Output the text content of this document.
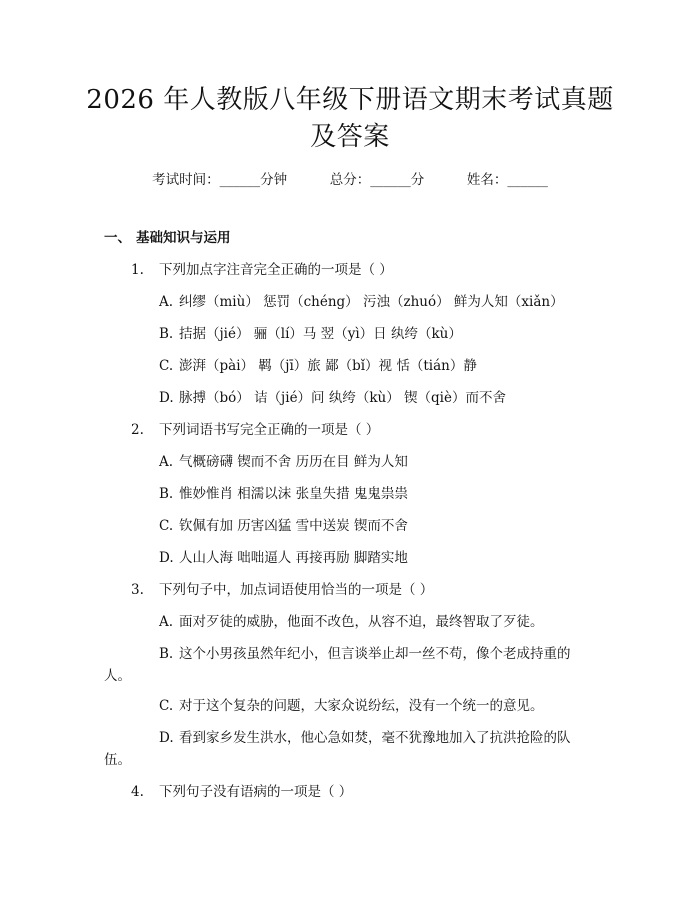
2026 年人教版八年级下册语文期末考试真题
及答案
考试时间：______分钟	总分：______分	姓名：______
一、 基础知识与运用
1. 下列加点字注音完全正确的一项是（ ）
A. 纠缪（miù） 惩罚（chéng） 污浊（zhuó） 鲜为人知（xiǎn）
B. 拮据（jié） 骊（lí）马 翌（yì）日 纨绔（kù）
C. 澎湃（pài） 羁（jī）旅 鄙（bǐ）视 恬（tián）静
D. 脉搏（bó） 诘（jié）问 纨绔（kù） 锲（qiè）而不舍
2. 下列词语书写完全正确的一项是（ ）
A. 气概磅礴 锲而不舍 历历在目 鲜为人知
B. 惟妙惟肖 相濡以沫 张皇失措 鬼鬼祟祟
C. 钦佩有加 历害凶猛 雪中送炭 锲而不舍
D. 人山人海 咄咄逼人 再接再励 脚踏实地
3. 下列句子中，加点词语使用恰当的一项是（ ）
A. 面对歹徒的威胁，他面不改色，从容不迫，最终智取了歹徒。
B. 这个小男孩虽然年纪小，但言谈举止却一丝不苟，像个老成持重的
人。
C. 对于这个复杂的问题，大家众说纷纭，没有一个统一的意见。
D. 看到家乡发生洪水，他心急如焚，毫不犹豫地加入了抗洪抢险的队
伍。
4. 下列句子没有语病的一项是（ ）
